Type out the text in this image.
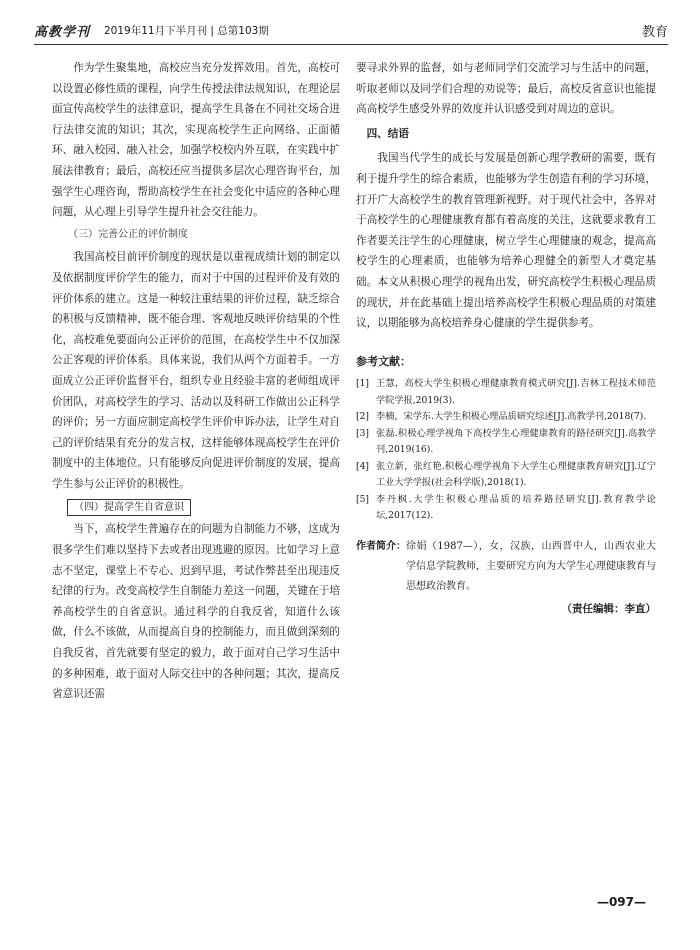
高教学刊 2019年11月下半月刊 | 总第103期	教育

作为学生聚集地，高校应当充分发挥效用。首先，高校可以设置必修性质的课程，向学生传授法律法规知识，在理论层面宣传高校学生的法律意识，提高学生具备在不同社交场合进行法律交流的知识；其次，实现高校学生正向网络、正面循环、融入校园、融入社会，加强学校校内外互联，在实践中扩展法律教育；最后，高校还应当提供多层次心理咨询平台，加强学生心理咨询，帮助高校学生在社会变化中适应的各种心理问题，从心理上引导学生提升社会交往能力。

（三）完善公正的评价制度

我国高校目前评价制度的现状是以重视成绩计划的制定以及依据制度评价学生的能力，而对于中国的过程评价及有效的评价体系的建立。这是一种较注重结果的评价过程，缺乏综合的积极与反馈精神，既不能合理、客观地反映评价结果的个性化，高校难免要面向公正评价的范围，在高校学生中不仅加深公正客观的评价体系。具体来说，我们从两个方面着手。一方面成立公正评价监督平台，组织专业且经验丰富的老师组成评价团队，对高校学生的学习、活动以及科研工作做出公正科学的评价；另一方面应制定高校学生评价申诉办法，让学生对自己的评价结果有充分的发言权，这样能够体现高校学生在评价制度中的主体地位。只有能够反向促进评价制度的发展，提高学生参与公正评价的积极性。

（四）提高学生自省意识

当下，高校学生普遍存在的问题为自制能力不够，这成为很多学生们难以坚持下去或者出现逃避的原因。比如学习上意志不坚定，课堂上不专心、迟到早退，考试作弊甚至出现违反纪律的行为。改变高校学生自制能力差这一问题，关键在于培养高校学生的自省意识。通过科学的自我反省，知道什么该做，什么不该做，从而提高自身的控制能力，而且做到深刻的自我反省，首先就要有坚定的毅力，敢于面对自己学习生活中的多种困难，敢于面对人际交往中的各种问题；其次，提高反省意识还需

要寻求外界的监督，如与老师同学们交流学习与生活中的问题，听取老师以及同学们合理的劝说等；最后，高校反省意识也能提高高校学生感受外界的效度并认识感受到对周边的意识。

四、结语

我国当代学生的成长与发展是创新心理学教研的需要，既有利于提升学生的综合素质，也能够为学生创造有利的学习环境，打开广大高校学生的教育管理新视野。对于现代社会中，各界对于高校学生的心理健康教育都有着高度的关注，这就要求教育工作者要关注学生的心理健康，树立学生心理健康的观念，提高高校学生的心理素质，也能够为培养心理健全的新型人才奠定基础。本文从积极心理学的视角出发，研究高校学生积极心理品质的现状，并在此基础上提出培养高校学生积极心理品质的对策建议，以期能够为高校培养身心健康的学生提供参考。

参考文献：
[1] 王慧，高校大学生积极心理健康教育模式研究[J].吉林工程技术师范学院学报,2019(3).
[2] 李楠，宋学东.大学生积极心理品质研究综述[J].高教学刊,2018(7).
[3] 张磊.积极心理学视角下高校学生心理健康教育的路径研究[J].高教学刊,2019(16).
[4] 张立新，张红艳.积极心理学视角下大学生心理健康教育研究[J].辽宁工业大学学报(社会科学版),2018(1).
[5] 李丹枫.大学生积极心理品质的培养路径研究[J].教育教学论坛,2017(12).
作者简介： 徐娟（1987—），女，汉族，山西晋中人，山西农业大学信息学院教师，主要研究方向为大学生心理健康教育与思想政治教育。
（责任编辑：李直）
—097—
